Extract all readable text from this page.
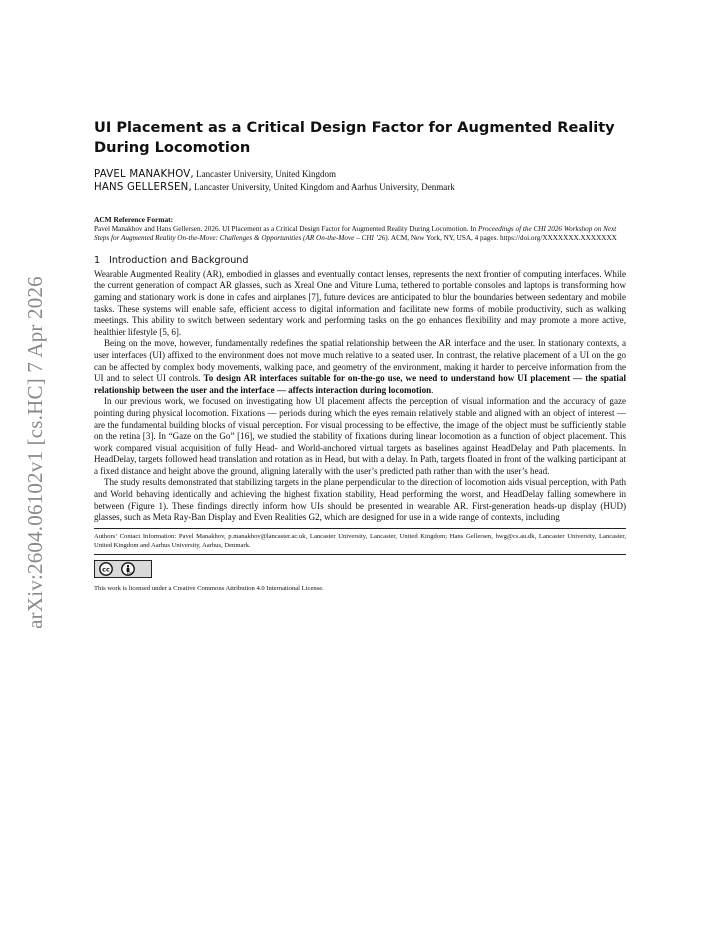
arXiv:2604.06102v1 [cs.HC] 7 Apr 2026
UI Placement as a Critical Design Factor for Augmented Reality During Locomotion
PAVEL MANAKHOV, Lancaster University, United Kingdom
HANS GELLERSEN, Lancaster University, United Kingdom and Aarhus University, Denmark
ACM Reference Format:
Pavel Manakhov and Hans Gellersen. 2026. UI Placement as a Critical Design Factor for Augmented Reality During Locomotion. In Proceedings of the CHI 2026 Workshop on Next Steps for Augmented Reality On-the-Move: Challenges & Opportunities (AR On-the-Move – CHI ’26). ACM, New York, NY, USA, 4 pages. https://doi.org/XXXXXXX.XXXXXXX
1 Introduction and Background

Wearable Augmented Reality (AR), embodied in glasses and eventually contact lenses, represents the next frontier of computing interfaces. While the current generation of compact AR glasses, such as Xreal One and Viture Luma, tethered to portable consoles and laptops is transforming how gaming and stationary work is done in cafes and airplanes [7], future devices are anticipated to blur the boundaries between sedentary and mobile tasks. These systems will enable safe, efficient access to digital information and facilitate new forms of mobile productivity, such as walking meetings. This ability to switch between sedentary work and performing tasks on the go enhances flexibility and may promote a more active, healthier lifestyle [5, 6].

Being on the move, however, fundamentally redefines the spatial relationship between the AR interface and the user. In stationary contexts, a user interfaces (UI) affixed to the environment does not move much relative to a seated user. In contrast, the relative placement of a UI on the go can be affected by complex body movements, walking pace, and geometry of the environment, making it harder to perceive information from the UI and to select UI controls. To design AR interfaces suitable for on-the-go use, we need to understand how UI placement — the spatial relationship between the user and the interface — affects interaction during locomotion.

In our previous work, we focused on investigating how UI placement affects the perception of visual information and the accuracy of gaze pointing during physical locomotion. Fixations — periods during which the eyes remain relatively stable and aligned with an object of interest — are the fundamental building blocks of visual perception. For visual processing to be effective, the image of the object must be sufficiently stable on the retina [3]. In “Gaze on the Go” [16], we studied the stability of fixations during linear locomotion as a function of object placement. This work compared visual acquisition of fully Head- and World-anchored virtual targets as baselines against HeadDelay and Path placements. In HeadDelay, targets followed head translation and rotation as in Head, but with a delay. In Path, targets floated in front of the walking participant at a fixed distance and height above the ground, aligning laterally with the user’s predicted path rather than with the user’s head.

The study results demonstrated that stabilizing targets in the plane perpendicular to the direction of locomotion aids visual perception, with Path and World behaving identically and achieving the highest fixation stability, Head performing the worst, and HeadDelay falling somewhere in between (Figure 1). These findings directly inform how UIs should be presented in wearable AR. First-generation heads-up display (HUD) glasses, such as Meta Ray-Ban Display and Even Realities G2, which are designed for use in a wide range of contexts, including

Authors’ Contact Information: Pavel Manakhov, p.manakhov@lancaster.ac.uk, Lancaster University, Lancaster, United Kingdom; Hans Gellersen, hwg@cs.au.dk, Lancaster University, Lancaster, United Kingdom and Aarhus University, Aarhus, Denmark.
cc	BY
This work is licensed under a Creative Commons Attribution 4.0 International License.
